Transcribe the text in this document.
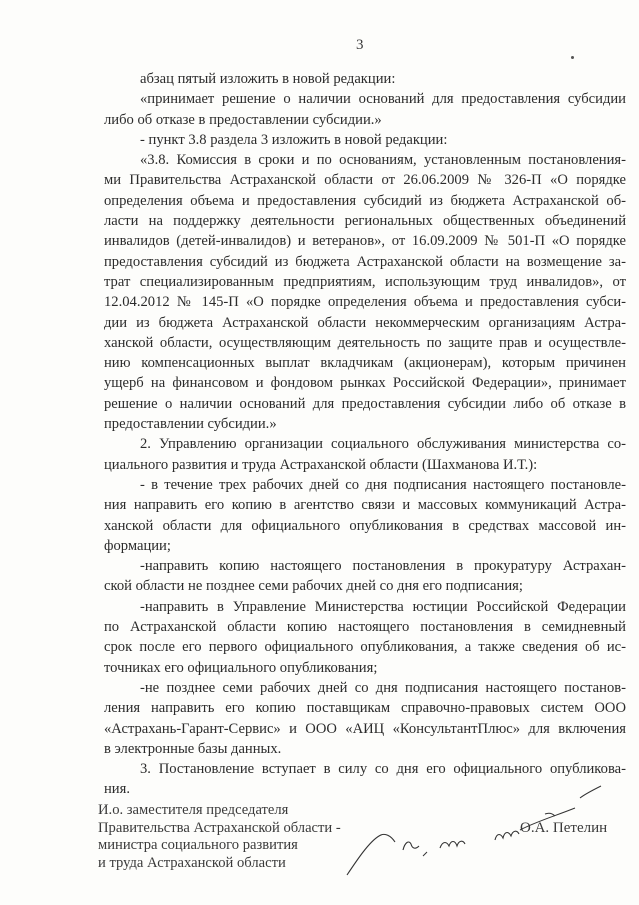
3
абзац пятый изложить в новой редакции:
«принимает решение о наличии оснований для предоставления субсидии
либо об отказе в предоставлении субсидии.»
- пункт 3.8 раздела 3 изложить в новой редакции:
«3.8. Комиссия в сроки и по основаниям, установленным постановления-
ми Правительства Астраханской области от 26.06.2009 № 326-П «О порядке
определения объема и предоставления субсидий из бюджета Астраханской об-
ласти на поддержку деятельности региональных общественных объединений
инвалидов (детей-инвалидов) и ветеранов», от 16.09.2009 № 501-П «О порядке
предоставления субсидий из бюджета Астраханской области на возмещение за-
трат специализированным предприятиям, использующим труд инвалидов», от
12.04.2012 № 145-П «О порядке определения объема и предоставления субси-
дии из бюджета Астраханской области некоммерческим организациям Астра-
ханской области, осуществляющим деятельность по защите прав и осуществле-
нию компенсационных выплат вкладчикам (акционерам), которым причинен
ущерб на финансовом и фондовом рынках Российской Федерации», принимает
решение о наличии оснований для предоставления субсидии либо об отказе в
предоставлении субсидии.»
2. Управлению организации социального обслуживания министерства со-
циального развития и труда Астраханской области (Шахманова И.Т.):
- в течение трех рабочих дней со дня подписания настоящего постановле-
ния направить его копию в агентство связи и массовых коммуникаций Астра-
ханской области для официального опубликования в средствах массовой ин-
формации;
-направить копию настоящего постановления в прокуратуру Астрахан-
ской области не позднее семи рабочих дней со дня его подписания;
-направить в Управление Министерства юстиции Российской Федерации
по Астраханской области копию настоящего постановления в семидневный
срок после его первого официального опубликования, а также сведения об ис-
точниках его официального опубликования;
-не позднее семи рабочих дней со дня подписания настоящего постанов-
ления направить его копию поставщикам справочно-правовых систем ООО
«Астрахань-Гарант-Сервис» и ООО «АИЦ «КонсультантПлюс» для включения
в электронные базы данных.
3. Постановление вступает в силу со дня его официального опубликова-
ния.
И.о. заместителя председателя
Правительства Астраханской области -
министра социального развития
и труда Астраханской области
О.А. Петелин
